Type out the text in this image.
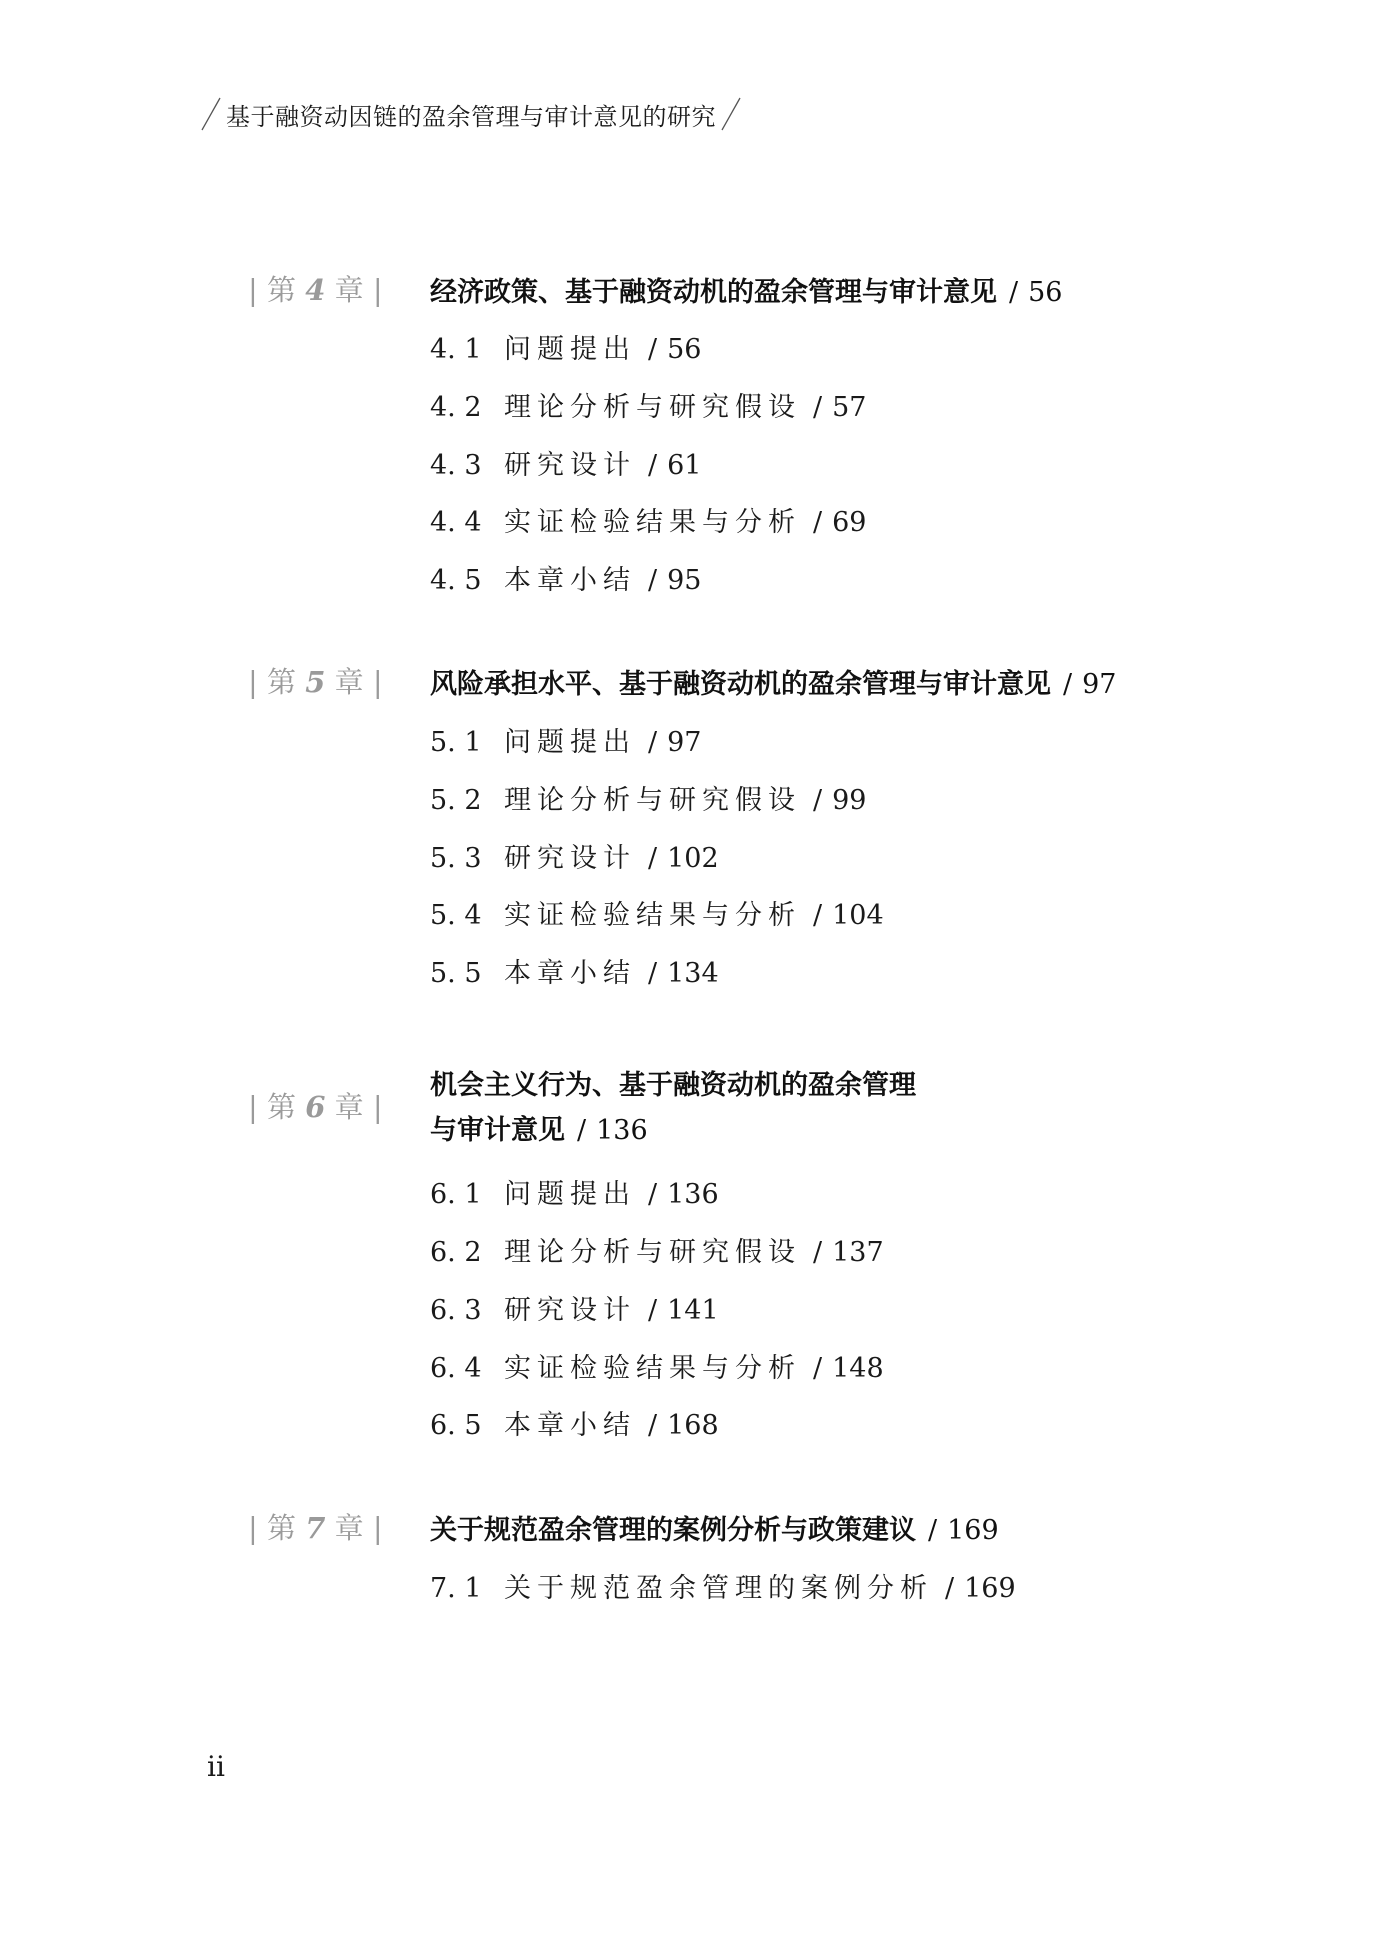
基于融资动因链的盈余管理与审计意见的研究
| 第 4 章 | 经济政策、基于融资动机的盈余管理与审计意见 / 56
4. 1 问题提出 / 56
4. 2 理论分析与研究假设 / 57
4. 3 研究设计 / 61
4. 4 实证检验结果与分析 / 69
4. 5 本章小结 / 95
| 第 5 章 | 风险承担水平、基于融资动机的盈余管理与审计意见 / 97
5. 1 问题提出 / 97
5. 2 理论分析与研究假设 / 99
5. 3 研究设计 / 102
5. 4 实证检验结果与分析 / 104
5. 5 本章小结 / 134
| 第 6 章 |
机会主义行为、基于融资动机的盈余管理
与审计意见 / 136
6. 1 问题提出 / 136
6. 2 理论分析与研究假设 / 137
6. 3 研究设计 / 141
6. 4 实证检验结果与分析 / 148
6. 5 本章小结 / 168
| 第 7 章 | 关于规范盈余管理的案例分析与政策建议 / 169
7. 1 关于规范盈余管理的案例分析 / 169
ii
